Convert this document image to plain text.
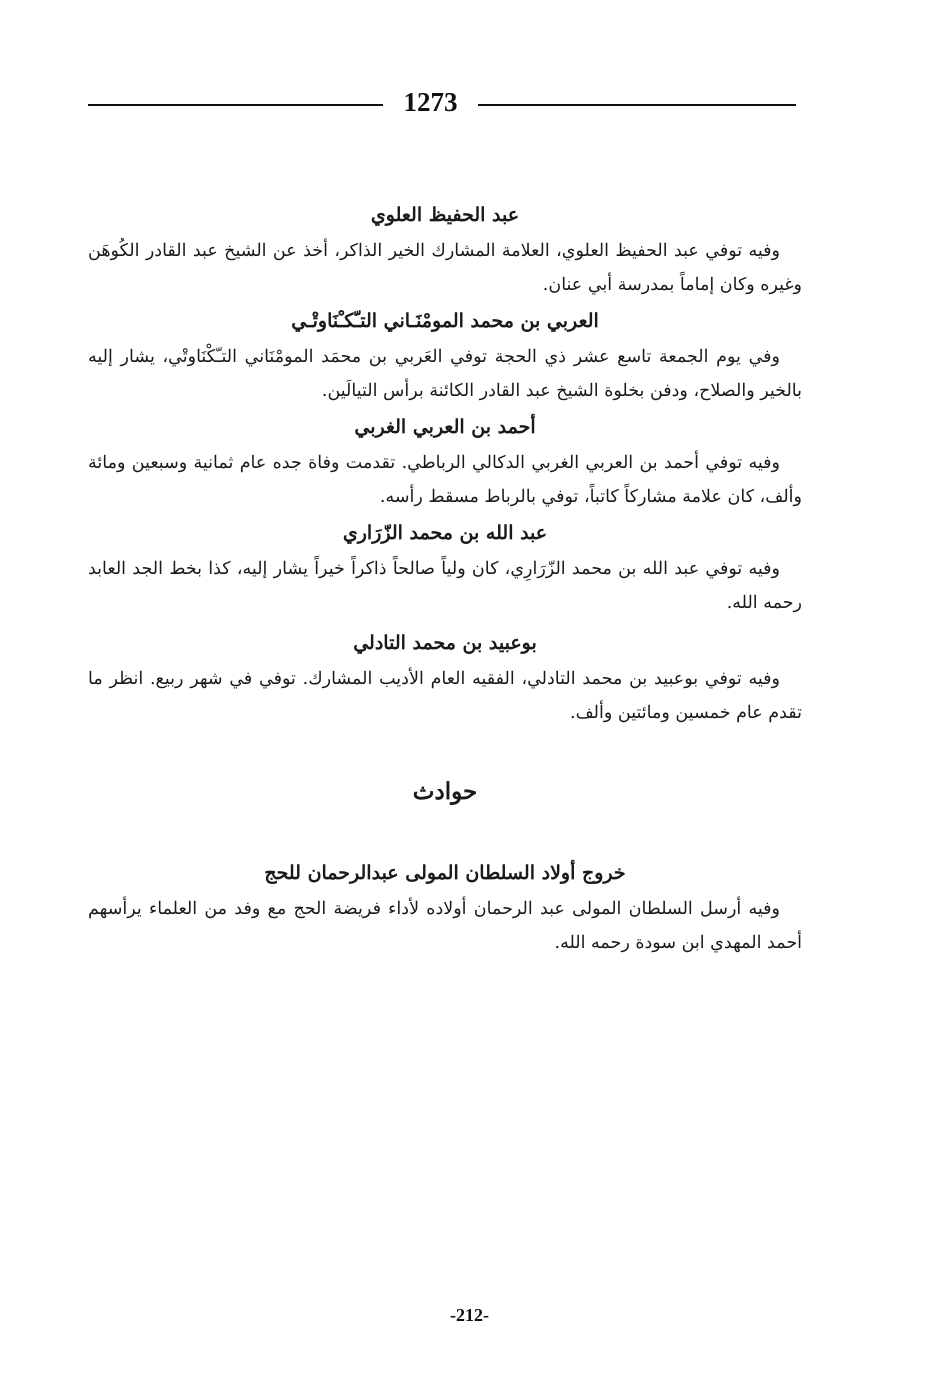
1273
عبد الحفيظ العلوي

وفيه توفي عبد الحفيظ العلوي، العلامة المشارك الخير الذاكر، أخذ عن الشيخ عبد القادر الكُوهَن وغيره وكان إماماً بمدرسة أبي عنان.

العربي بن محمد المومْنَـاني التـّكـْنَاوتْـي

وفي يوم الجمعة تاسع عشر ذي الحجة توفي العَربي بن محمَد المومْنَاني التـّكْنَاوتْي، يشار إليه بالخير والصلاح، ودفن بخلوة الشيخ عبد القادر الكائنة برأس التيالَين.

أحمد بن العربي الغربي

وفيه توفي أحمد بن العربي الغربي الدكالي الرباطي. تقدمت وفاة جده عام ثمانية وسبعين ومائة وألف، كان علامة مشاركاً كاتباً، توفي بالرباط مسقط رأسه.

عبد الله بن محمد الزّرَاري

وفيه توفي عبد الله بن محمد الزّرَارِي، كان ولياً صالحاً ذاكراً خيراً يشار إليه، كذا بخط الجد العابد رحمه الله.

بوعبيد بن محمد التادلي

وفيه توفي بوعبيد بن محمد التادلي، الفقيه العام الأديب المشارك. توفي في شهر ربيع. انظر ما تقدم عام خمسين ومائتين وألف.

حوادث
خروج أولاد السلطان المولى عبدالرحمان للحج

وفيه أرسل السلطان المولى عبد الرحمان أولاده لأداء فريضة الحج مع وفد من العلماء يرأسهم أحمد المهدي ابن سودة رحمه الله.

-212-
